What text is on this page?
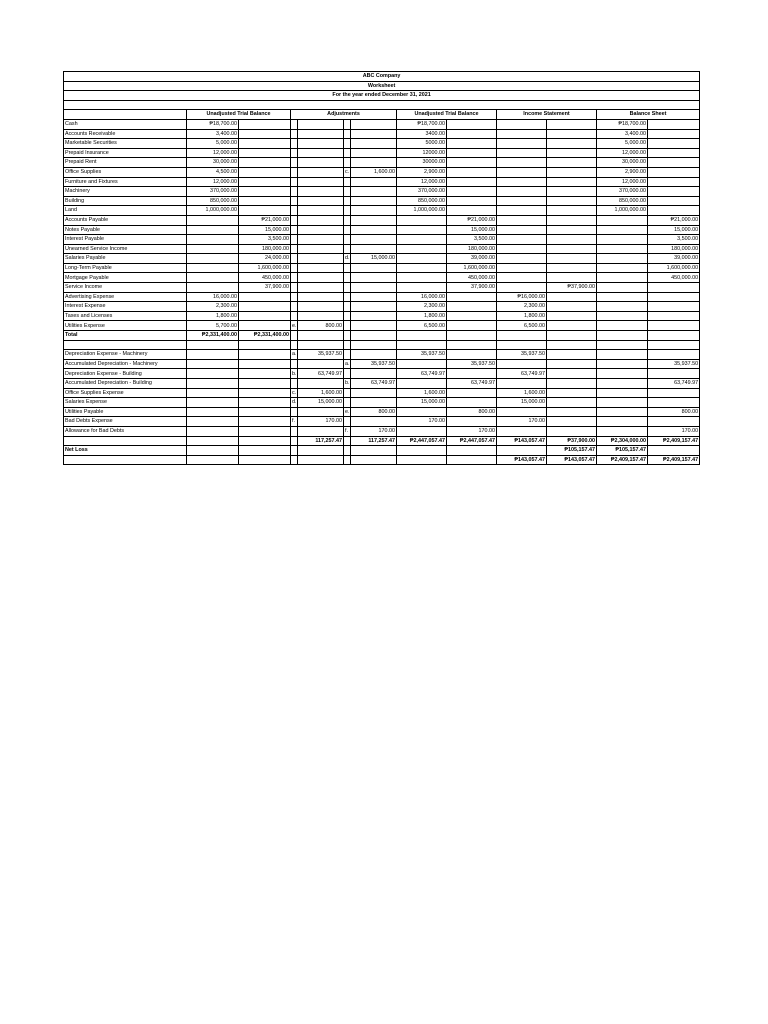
ABC Company												
Worksheet												
For the year ended December 31, 2021												

	Unadjusted Trial Balance		Adjustments				Unadjusted Trial Balance		Income Statement		Balance Sheet	
Cash	₱18,700.00						₱18,700.00				₱18,700.00	
Accounts Receivable	3,400.00						3400.00				3,400.00	
Marketable Securities	5,000.00						5000.00				5,000.00	
Prepaid Insurance	12,000.00						12000.00				12,000.00	
Prepaid Rent	30,000.00						30000.00				30,000.00	
Office Supplies	4,500.00				c.	1,600.00	2,900.00				2,900.00	
Furniture and Fixtures	12,000.00						12,000.00				12,000.00	
Machinery	370,000.00						370,000.00				370,000.00	
Building	850,000.00						850,000.00				850,000.00	
Land	1,000,000.00						1,000,000.00				1,000,000.00	
Accounts Payable		₱21,000.00						₱21,000.00				₱21,000.00
Notes Payable		15,000.00						15,000.00				15,000.00
Interest Payable		3,500.00						3,500.00				3,500.00
Unearned Service Income		180,000.00						180,000.00				180,000.00
Salaries Payable		24,000.00			d.	15,000.00		39,000.00				39,000.00
Long-Term Payable		1,600,000.00						1,600,000.00				1,600,000.00
Mortgage Payable		450,000.00						450,000.00				450,000.00
Service Income		37,900.00						37,900.00		₱37,900.00		
Advertising Expense	16,000.00						16,000.00		₱16,000.00			
Interest Expense	2,300.00						2,300.00		2,300.00			
Taxes and Licenses	1,800.00						1,800.00		1,800.00			
Utilities Expense	5,700.00		e.	800.00			6,500.00		6,500.00			
Total	₱2,331,400.00	₱2,331,400.00										

Depreciation Expense - Machinery			a.	35,937.50			35,937.50		35,937.50			
Accumulated Depreciation - Machinery					a.	35,937.50		35,937.50				35,937.50
Depreciation Expense - Building			b.	63,749.97			63,749.97		63,749.97			
Accumulated Depreciation - Building					b.	63,749.97		63,749.97				63,749.97
Office Supplies Expense			c.	1,600.00			1,600.00		1,600.00			
Salaries Expense			d.	15,000.00			15,000.00		15,000.00			
Utilities Payable					e.	800.00		800.00				800.00
Bad Debts Expense			f.	170.00			170.00		170.00			
Allowance for Bad Debts					f.	170.00		170.00				170.00
				117,257.47		117,257.47	₱2,447,057.47	₱2,447,057.47	₱143,057.47	₱37,900.00	₱2,304,000.00	₱2,409,157.47
Net Loss										₱105,157.47	₱105,157.47	
									₱143,057.47	₱143,057.47	₱2,409,157.47	₱2,409,157.47
